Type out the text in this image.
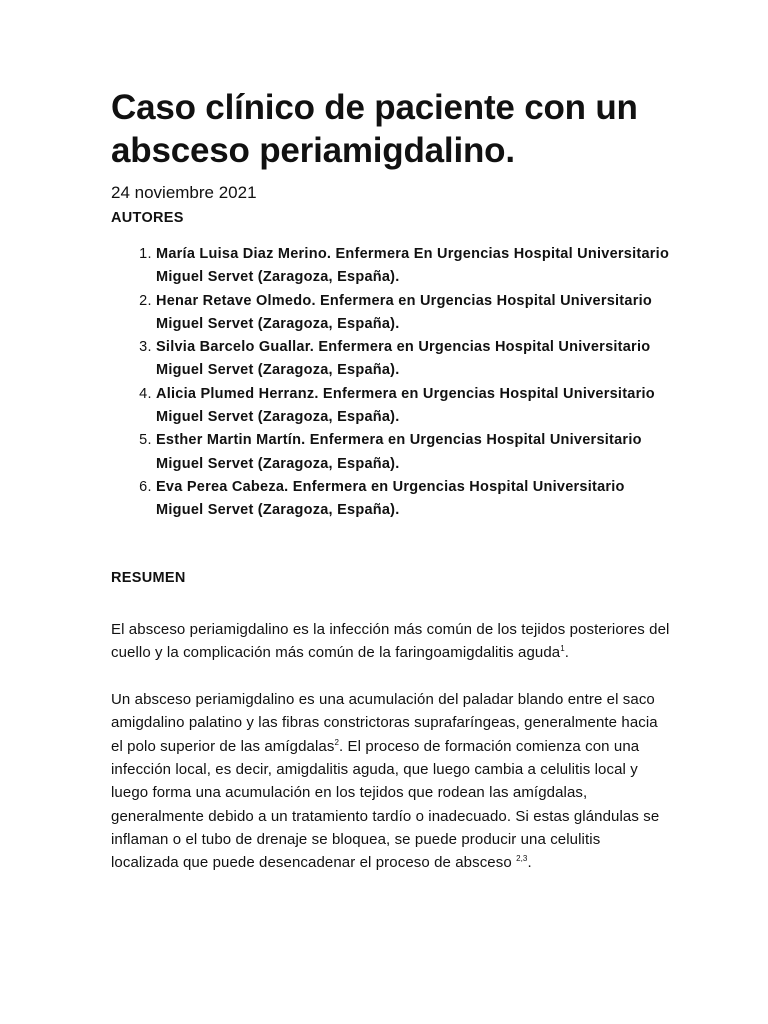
Caso clínico de paciente con un absceso periamigdalino.
24 noviembre 2021
AUTORES
1. María Luisa Diaz Merino. Enfermera En Urgencias Hospital Universitario Miguel Servet (Zaragoza, España).
2. Henar Retave Olmedo. Enfermera en Urgencias Hospital Universitario Miguel Servet (Zaragoza, España).
3. Silvia Barcelo Guallar. Enfermera en Urgencias Hospital Universitario Miguel Servet (Zaragoza, España).
4. Alicia Plumed Herranz. Enfermera en Urgencias Hospital Universitario Miguel Servet (Zaragoza, España).
5. Esther Martin Martín. Enfermera en Urgencias Hospital Universitario Miguel Servet (Zaragoza, España).
6. Eva Perea Cabeza. Enfermera en Urgencias Hospital Universitario Miguel Servet (Zaragoza, España).
RESUMEN

El absceso periamigdalino es la infección más común de los tejidos posteriores del cuello y la complicación más común de la faringoamigdalitis aguda$^1$.

Un absceso periamigdalino es una acumulación del paladar blando entre el saco amigdalino palatino y las fibras constrictoras suprafaríngeas, generalmente hacia el polo superior de las amígdalas$^2$. El proceso de formación comienza con una infección local, es decir, amigdalitis aguda, que luego cambia a celulitis local y luego forma una acumulación en los tejidos que rodean las amígdalas, generalmente debido a un tratamiento tardío o inadecuado. Si estas glándulas se inflaman o el tubo de drenaje se bloquea, se puede producir una celulitis localizada que puede desencadenar el proceso de absceso $^{2,3}$.
